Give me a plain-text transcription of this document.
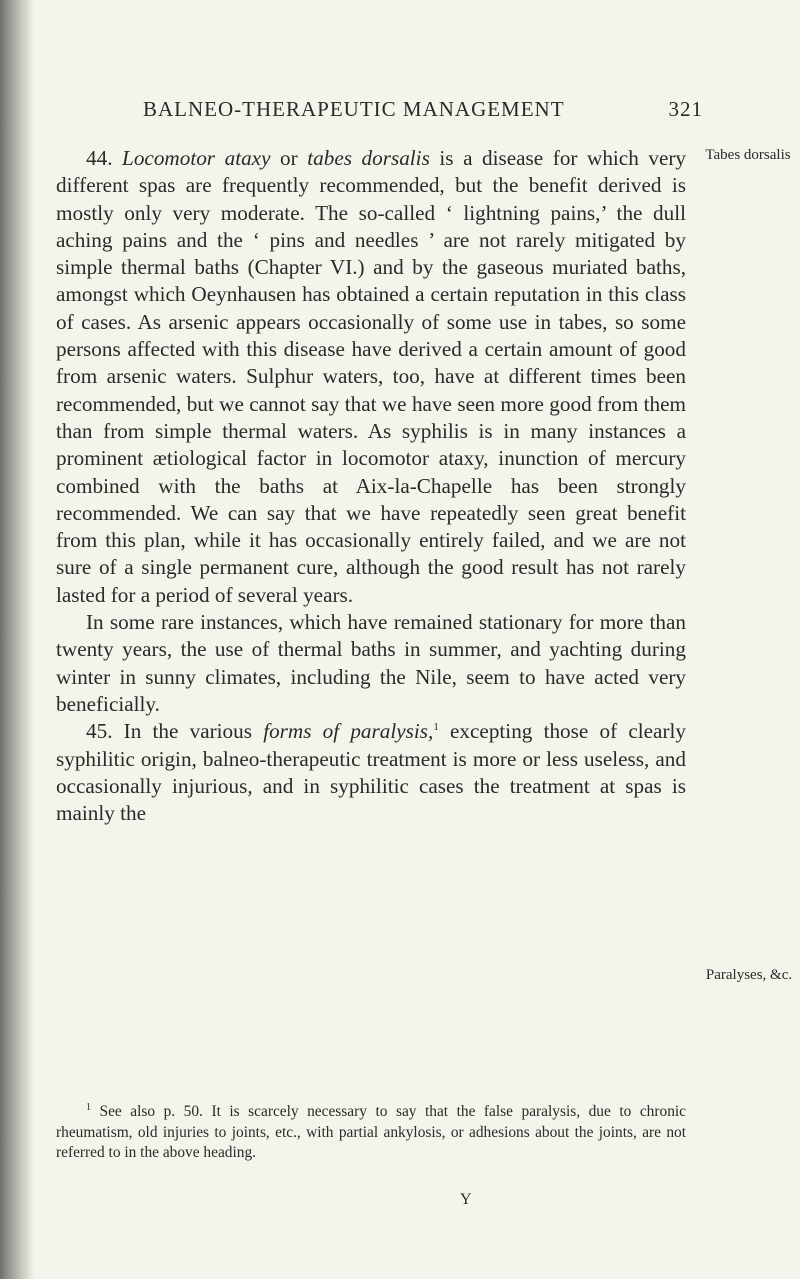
BALNEO-THERAPEUTIC MANAGEMENT	321
Tabes dorsalis
Paralyses, &c.

44. Locomotor ataxy or tabes dorsalis is a disease for which very different spas are frequently recommended, but the benefit derived is mostly only very moderate. The so-called ‘ lightning pains,’ the dull aching pains and the ‘ pins and needles ’ are not rarely mitigated by simple thermal baths (Chapter VI.) and by the gaseous muriated baths, amongst which Oeynhausen has obtained a certain reputation in this class of cases. As arsenic appears occasionally of some use in tabes, so some persons affected with this disease have derived a certain amount of good from arsenic waters. Sulphur waters, too, have at different times been recommended, but we cannot say that we have seen more good from them than from simple thermal waters. As syphilis is in many instances a prominent ætiological factor in locomotor ataxy, inunction of mercury combined with the baths at Aix-la-Chapelle has been strongly recommended. We can say that we have repeatedly seen great benefit from this plan, while it has occasionally entirely failed, and we are not sure of a single permanent cure, although the good result has not rarely lasted for a period of several years.

In some rare instances, which have remained stationary for more than twenty years, the use of thermal baths in summer, and yachting during winter in sunny climates, including the Nile, seem to have acted very beneficially.

45. In the various forms of paralysis,$^1$ excepting those of clearly syphilitic origin, balneo-therapeutic treatment is more or less useless, and occasionally injurious, and in syphilitic cases the treatment at spas is mainly the

$^1$ See also p. 50. It is scarcely necessary to say that the false paralysis, due to chronic rheumatism, old injuries to joints, etc., with partial ankylosis, or adhesions about the joints, are not referred to in the above heading.

Y
